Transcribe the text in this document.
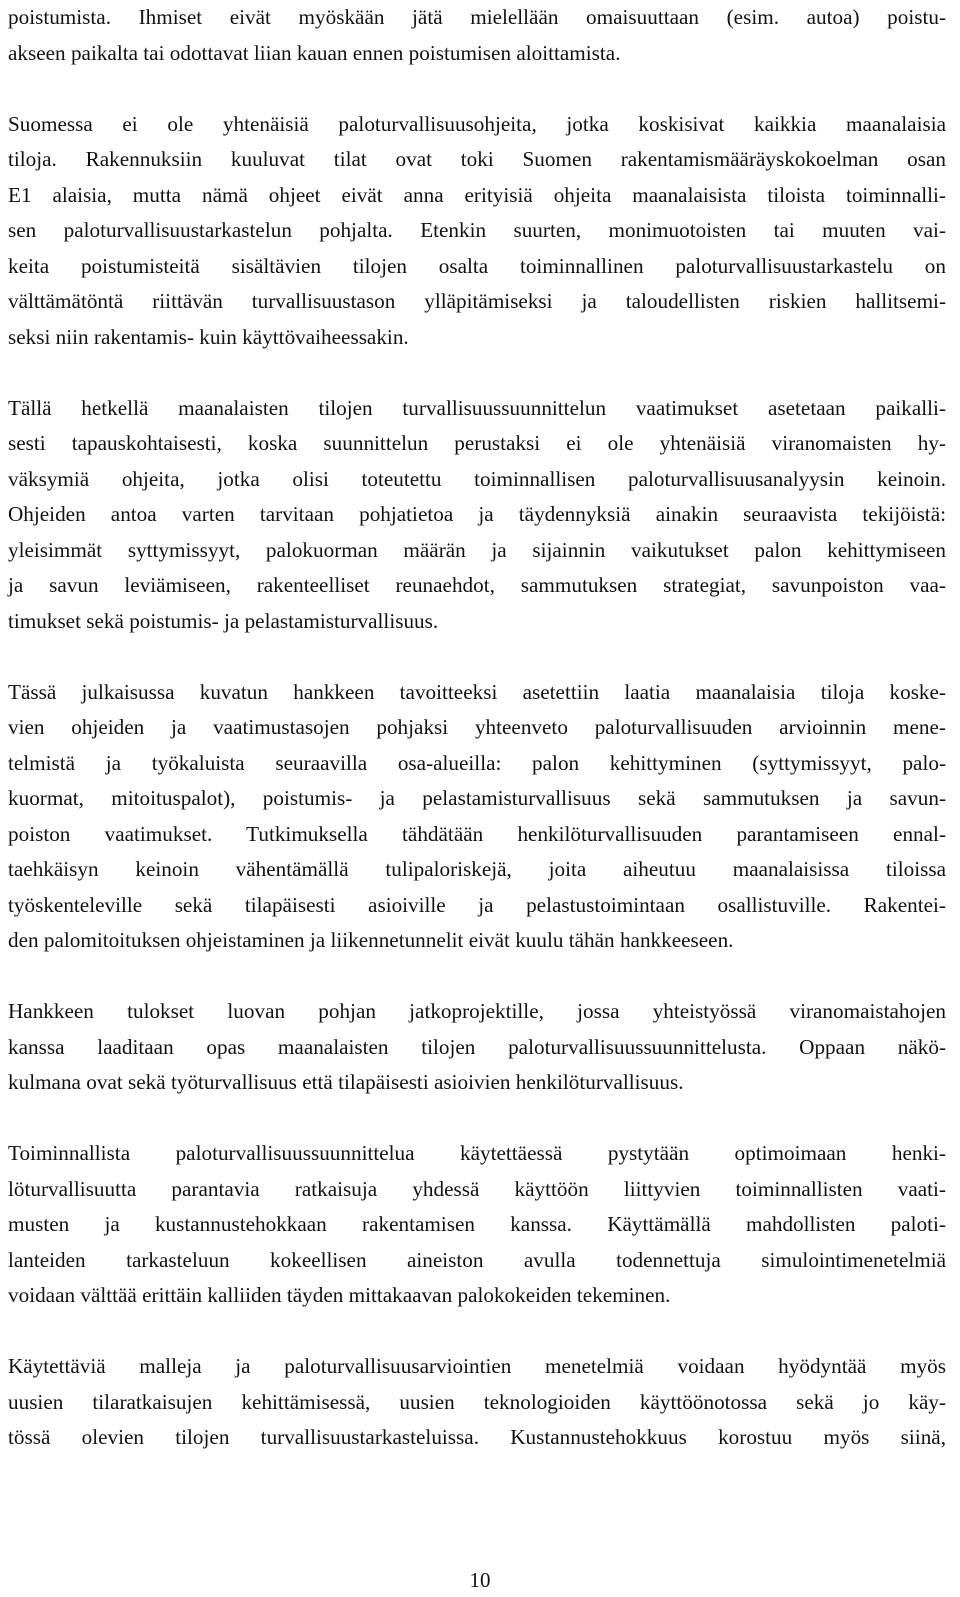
poistumista. Ihmiset eivät myöskään jätä mielellään omaisuuttaan (esim. autoa) poistu-
akseen paikalta tai odottavat liian kauan ennen poistumisen aloittamista.
Suomessa ei ole yhtenäisiä paloturvallisuusohjeita, jotka koskisivat kaikkia maanalaisia
tiloja. Rakennuksiin kuuluvat tilat ovat toki Suomen rakentamismääräyskokoelman osan
E1 alaisia, mutta nämä ohjeet eivät anna erityisiä ohjeita maanalaisista tiloista toiminnalli-
sen paloturvallisuustarkastelun pohjalta. Etenkin suurten, monimuotoisten tai muuten vai-
keita poistumisteitä sisältävien tilojen osalta toiminnallinen paloturvallisuustarkastelu on
välttämätöntä riittävän turvallisuustason ylläpitämiseksi ja taloudellisten riskien hallitsemi-
seksi niin rakentamis- kuin käyttövaiheessakin.
Tällä hetkellä maanalaisten tilojen turvallisuussuunnittelun vaatimukset asetetaan paikalli-
sesti tapauskohtaisesti, koska suunnittelun perustaksi ei ole yhtenäisiä viranomaisten hy-
väksymiä ohjeita, jotka olisi toteutettu toiminnallisen paloturvallisuusanalyysin keinoin.
Ohjeiden antoa varten tarvitaan pohjatietoa ja täydennyksiä ainakin seuraavista tekijöistä:
yleisimmät syttymissyyt, palokuorman määrän ja sijainnin vaikutukset palon kehittymiseen
ja savun leviämiseen, rakenteelliset reunaehdot, sammutuksen strategiat, savunpoiston vaa-
timukset sekä poistumis- ja pelastamisturvallisuus.
Tässä julkaisussa kuvatun hankkeen tavoitteeksi asetettiin laatia maanalaisia tiloja koske-
vien ohjeiden ja vaatimustasojen pohjaksi yhteenveto paloturvallisuuden arvioinnin mene-
telmistä ja työkaluista seuraavilla osa-alueilla: palon kehittyminen (syttymissyyt, palo-
kuormat, mitoituspalot), poistumis- ja pelastamisturvallisuus sekä sammutuksen ja savun-
poiston vaatimukset. Tutkimuksella tähdätään henkilöturvallisuuden parantamiseen ennal-
taehkäisyn keinoin vähentämällä tulipaloriskejä, joita aiheutuu maanalaisissa tiloissa
työskenteleville sekä tilapäisesti asioiville ja pelastustoimintaan osallistuville. Rakentei-
den palomitoituksen ohjeistaminen ja liikennetunnelit eivät kuulu tähän hankkeeseen.
Hankkeen tulokset luovan pohjan jatkoprojektille, jossa yhteistyössä viranomaistahojen
kanssa laaditaan opas maanalaisten tilojen paloturvallisuussuunnittelusta. Oppaan näkö-
kulmana ovat sekä työturvallisuus että tilapäisesti asioivien henkilöturvallisuus.
Toiminnallista paloturvallisuussuunnittelua käytettäessä pystytään optimoimaan henki-
löturvallisuutta parantavia ratkaisuja yhdessä käyttöön liittyvien toiminnallisten vaati-
musten ja kustannustehokkaan rakentamisen kanssa. Käyttämällä mahdollisten paloti-
lanteiden tarkasteluun kokeellisen aineiston avulla todennettuja simulointimenetelmiä
voidaan välttää erittäin kalliiden täyden mittakaavan palokokeiden tekeminen.
Käytettäviä malleja ja paloturvallisuusarviointien menetelmiä voidaan hyödyntää myös
uusien tilaratkaisujen kehittämisessä, uusien teknologioiden käyttöönotossa sekä jo käy-
tössä olevien tilojen turvallisuustarkasteluissa. Kustannustehokkuus korostuu myös siinä,
10
